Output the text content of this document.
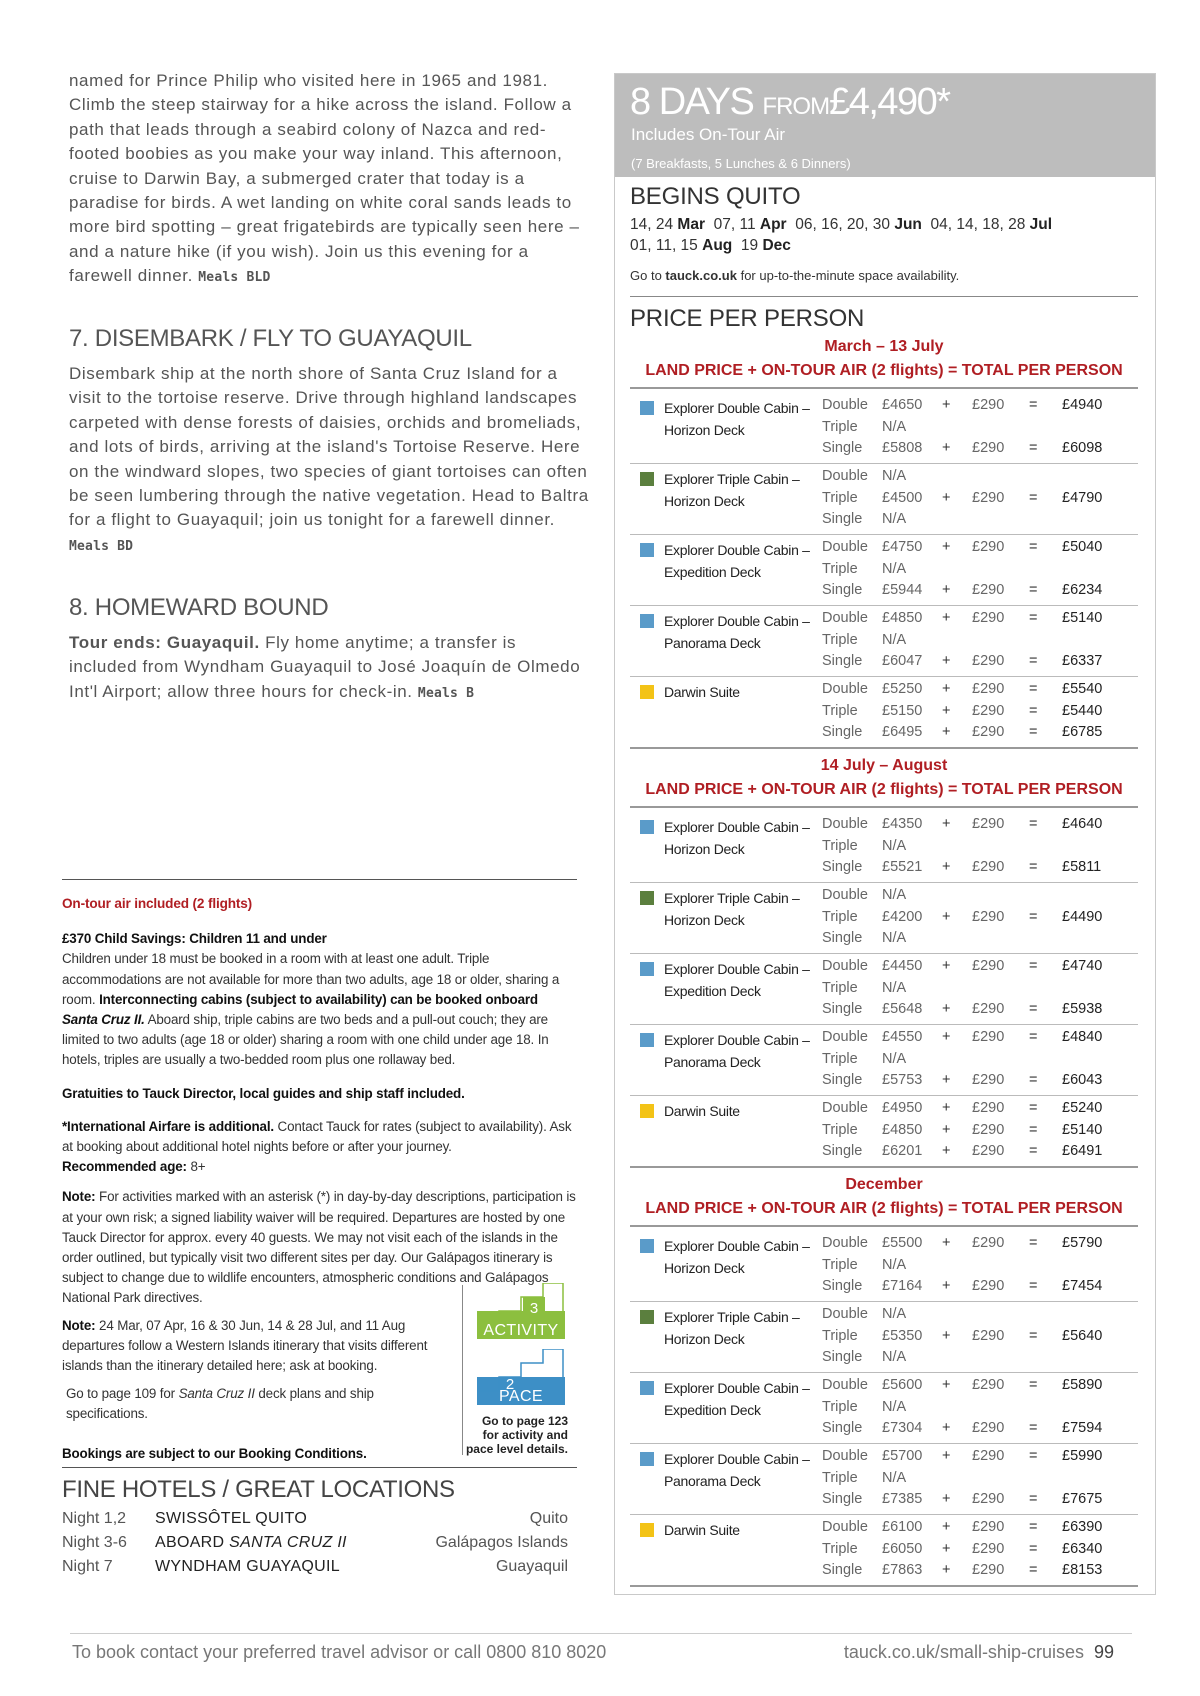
named for Prince Philip who visited here in 1965 and 1981. Climb the steep stairway for a hike across the island. Follow a path that leads through a seabird colony of Nazca and red-footed boobies as you make your way inland. This afternoon, cruise to Darwin Bay, a submerged crater that today is a paradise for birds. A wet landing on white coral sands leads to more bird spotting – great frigatebirds are typically seen here – and a nature hike (if you wish). Join us this evening for a farewell dinner. Meals BLD
7. DISEMBARK / FLY TO GUAYAQUIL
Disembark ship at the north shore of Santa Cruz Island for a visit to the tortoise reserve. Drive through highland landscapes carpeted with dense forests of daisies, orchids and bromeliads, and lots of birds, arriving at the island's Tortoise Reserve. Here on the windward slopes, two species of giant tortoises can often be seen lumbering through the native vegetation. Head to Baltra for a flight to Guayaquil; join us tonight for a farewell dinner. Meals BD
8. HOMEWARD BOUND
Tour ends: Guayaquil. Fly home anytime; a transfer is included from Wyndham Guayaquil to José Joaquín de Olmedo Int'l Airport; allow three hours for check-in. Meals B

On-tour air included (2 flights)

£370 Child Savings: Children 11 and under
Children under 18 must be booked in a room with at least one adult. Triple accommodations are not available for more than two adults, age 18 or older, sharing a room. Interconnecting cabins (subject to availability) can be booked onboard Santa Cruz II. Aboard ship, triple cabins are two beds and a pull-out couch; they are limited to two adults (age 18 or older) sharing a room with one child under age 18. In hotels, triples are usually a two-bedded room plus one rollaway bed.

Gratuities to Tauck Director, local guides and ship staff included.

*International Airfare is additional. Contact Tauck for rates (subject to availability). Ask at booking about additional hotel nights before or after your journey.
Recommended age: 8+

Note: For activities marked with an asterisk (*) in day-by-day descriptions, participation is at your own risk; a signed liability waiver will be required. Departures are hosted by one Tauck Director for approx. every 40 guests. We may not visit each of the islands in the order outlined, but typically visit two different sites per day. Our Galápagos itinerary is subject to change due to wildlife encounters, atmospheric conditions and Galápagos National Park directives.

Note: 24 Mar, 07 Apr, 16 & 30 Jun, 14 & 28 Jul, and 11 Aug departures follow a Western Islands itinerary that visits different islands than the itinerary detailed here; ask at booking.

Go to page 109 for Santa Cruz II deck plans and ship specifications.

Bookings are subject to our Booking Conditions.
3
ACTIVITY
2
PACE
Go to page 123 for activity and pace level details.
FINE HOTELS / GREAT LOCATIONS
Night 1,2 SWISSÔTEL QUITO	Quito
Night 3-6 ABOARD SANTA CRUZ II	Galápagos Islands
Night 7	WYNDHAM GUAYAQUIL	Guayaquil
8 DAYS FROM£4,490*
Includes On-Tour Air
(7 Breakfasts, 5 Lunches & 6 Dinners)
BEGINS QUITO
14, 24 Mar 07, 11 Apr 06, 16, 20, 30 Jun 04, 14, 18, 28 Jul
01, 11, 15 Aug 19 Dec
Go to tauck.co.uk for up-to-the-minute space availability.
PRICE PER PERSON
March – 13 July
LAND PRICE + ON-TOUR AIR (2 flights) = TOTAL PER PERSON
Explorer Double Cabin –
Horizon Deck
Double £4650 + £290 = £4940
Triple N/A
Single £5808 + £290 = £6098
Explorer Triple Cabin –
Horizon Deck
Double N/A
Triple £4500 + £290 = £4790
Single N/A
Explorer Double Cabin –
Expedition Deck
Double £4750 + £290 = £5040
Triple N/A
Single £5944 + £290 = £6234
Explorer Double Cabin –
Panorama Deck
Double £4850 + £290 = £5140
Triple N/A
Single £6047 + £290 = £6337
Darwin Suite	Double £5250 + £290 = £5540
Triple £5150 + £290 = £5440
Single £6495 + £290 = £6785
14 July – August
LAND PRICE + ON-TOUR AIR (2 flights) = TOTAL PER PERSON
Explorer Double Cabin –
Horizon Deck
Double £4350 + £290 = £4640
Triple N/A
Single £5521 + £290 = £5811
Explorer Triple Cabin –
Horizon Deck
Double N/A
Triple £4200 + £290 = £4490
Single N/A
Explorer Double Cabin –
Expedition Deck
Double £4450 + £290 = £4740
Triple N/A
Single £5648 + £290 = £5938
Explorer Double Cabin –
Panorama Deck
Double £4550 + £290 = £4840
Triple N/A
Single £5753 + £290 = £6043
Darwin Suite	Double £4950 + £290 = £5240
Triple £4850 + £290 = £5140
Single £6201 + £290 = £6491
December
LAND PRICE + ON-TOUR AIR (2 flights) = TOTAL PER PERSON
Explorer Double Cabin –
Horizon Deck
Double £5500 + £290 = £5790
Triple N/A
Single £7164 + £290 = £7454
Explorer Triple Cabin –
Horizon Deck
Double N/A
Triple £5350 + £290 = £5640
Single N/A
Explorer Double Cabin –
Expedition Deck
Double £5600 + £290 = £5890
Triple N/A
Single £7304 + £290 = £7594
Explorer Double Cabin –
Panorama Deck
Double £5700 + £290 = £5990
Triple N/A
Single £7385 + £290 = £7675
Darwin Suite	Double £6100 + £290 = £6390
Triple £6050 + £290 = £6340
Single £7863 + £290 = £8153
To book contact your preferred travel advisor or call 0800 810 8020	tauck.co.uk/small-ship-cruises 99
